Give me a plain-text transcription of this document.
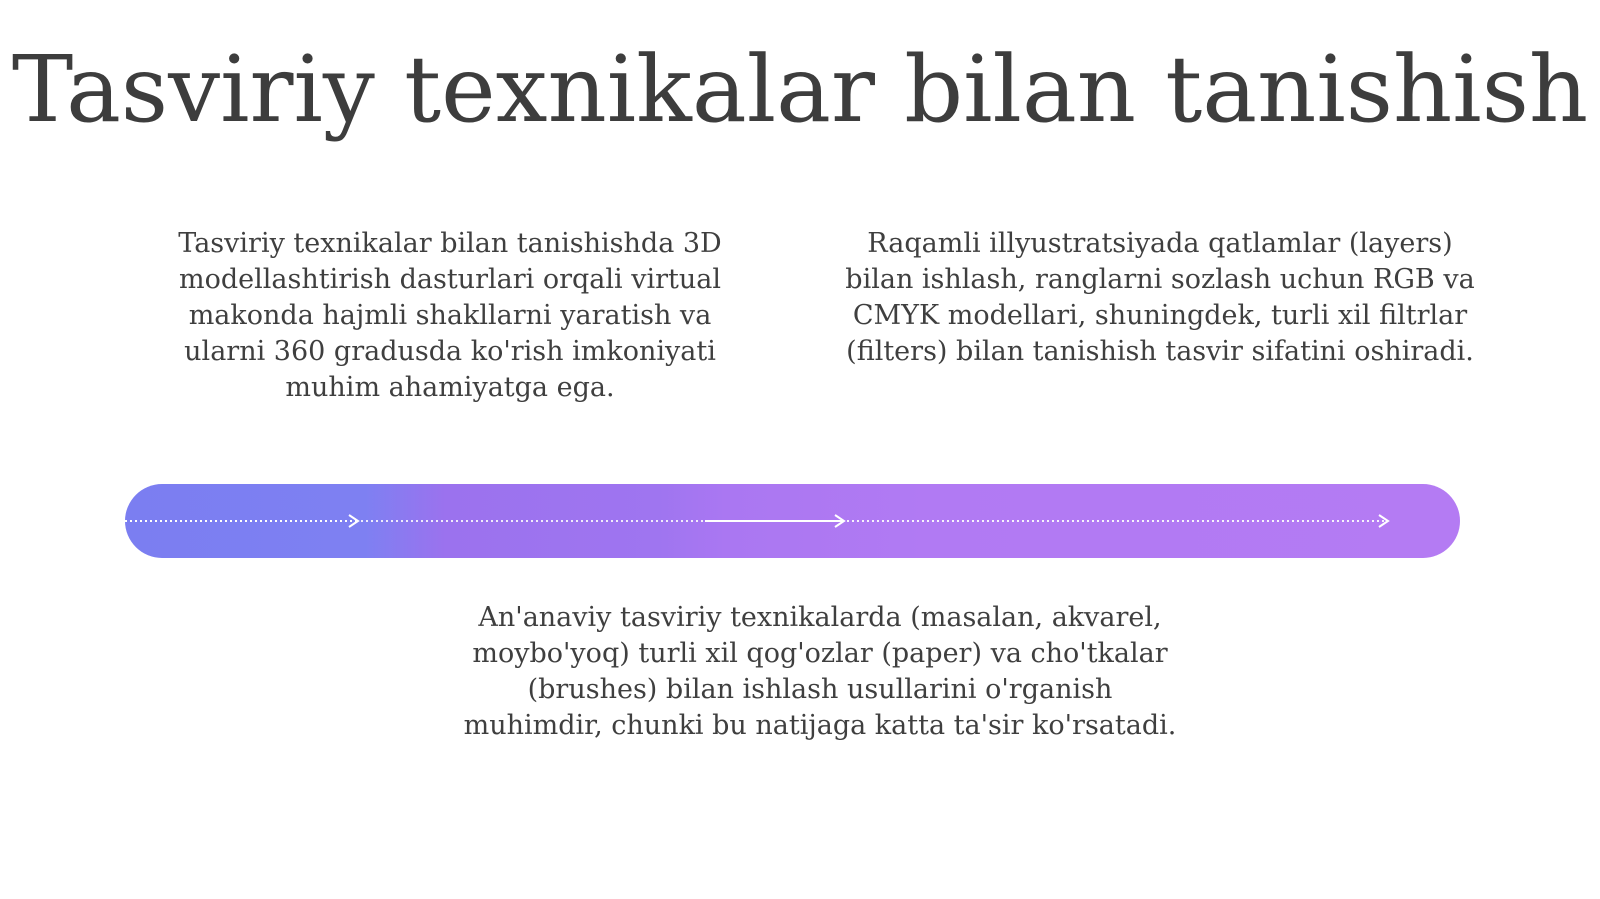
Tasviriy texnikalar bilan tanishish
Tasviriy texnikalar bilan tanishishda 3D modellashtirish dasturlari orqali virtual makonda hajmli shakllarni yaratish va ularni 360 gradusda ko'rish imkoniyati muhim ahamiyatga ega.
Raqamli illyustratsiyada qatlamlar (layers) bilan ishlash, ranglarni sozlash uchun RGB va CMYK modellari, shuningdek, turli xil filtrlar (filters) bilan tanishish tasvir sifatini oshiradi.
An'anaviy tasviriy texnikalarda (masalan, akvarel, moybo'yoq) turli xil qog'ozlar (paper) va cho'tkalar (brushes) bilan ishlash usullarini o'rganish muhimdir, chunki bu natijaga katta ta'sir ko'rsatadi.
